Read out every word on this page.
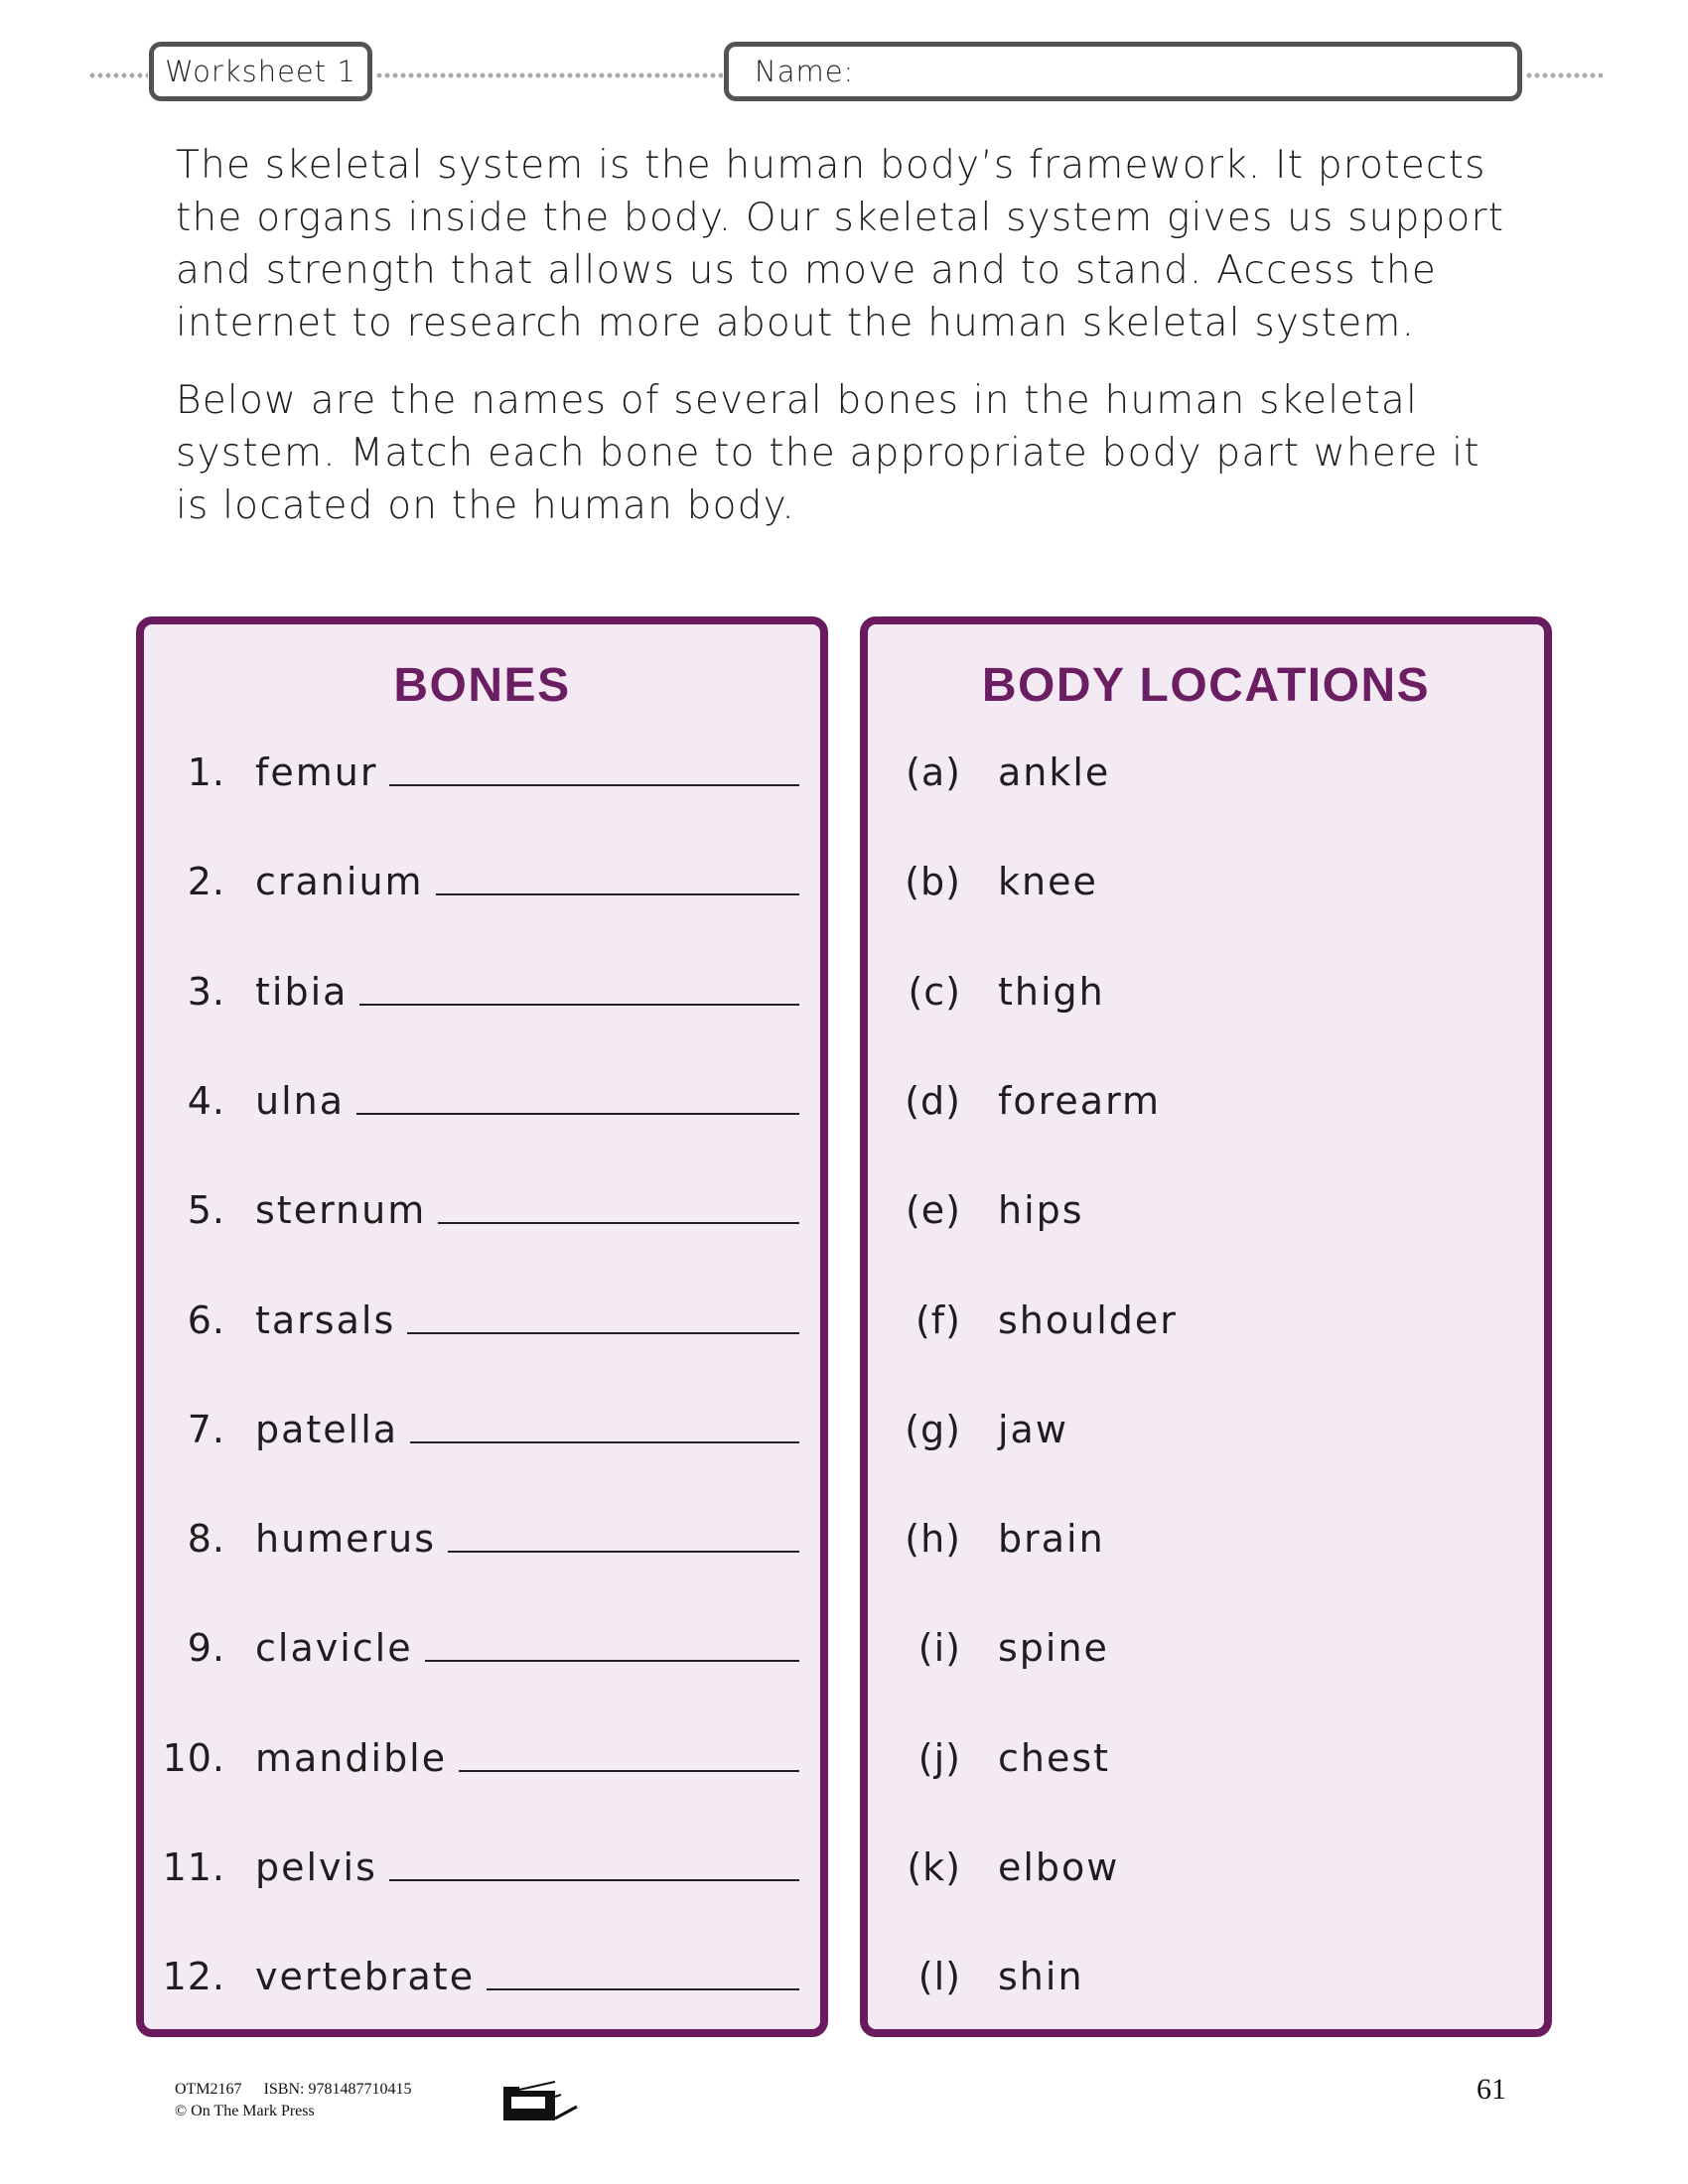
Worksheet 1	Name:

The skeletal system is the human body’s framework. It protects the organs inside the body. Our skeletal system gives us support and strength that allows us to move and to stand. Access the internet to research more about the human skeletal system.

Below are the names of several bones in the human skeletal system. Match each bone to the appropriate body part where it is located on the human body.

BONES
1. femur
2. cranium
3. tibia
4. ulna
5. sternum
6. tarsals
7. patella
8. humerus
9. clavicle
10. mandible
11. pelvis
12. vertebrate
BODY LOCATIONS
(a) ankle
(b) knee
(c) thigh
(d) forearm
(e) hips
(f) shoulder
(g) jaw
(h) brain
(i) spine
(j) chest
(k) elbow
(l) shin
OTM2167 ISBN: 9781487710415
© On The Mark Press
61
